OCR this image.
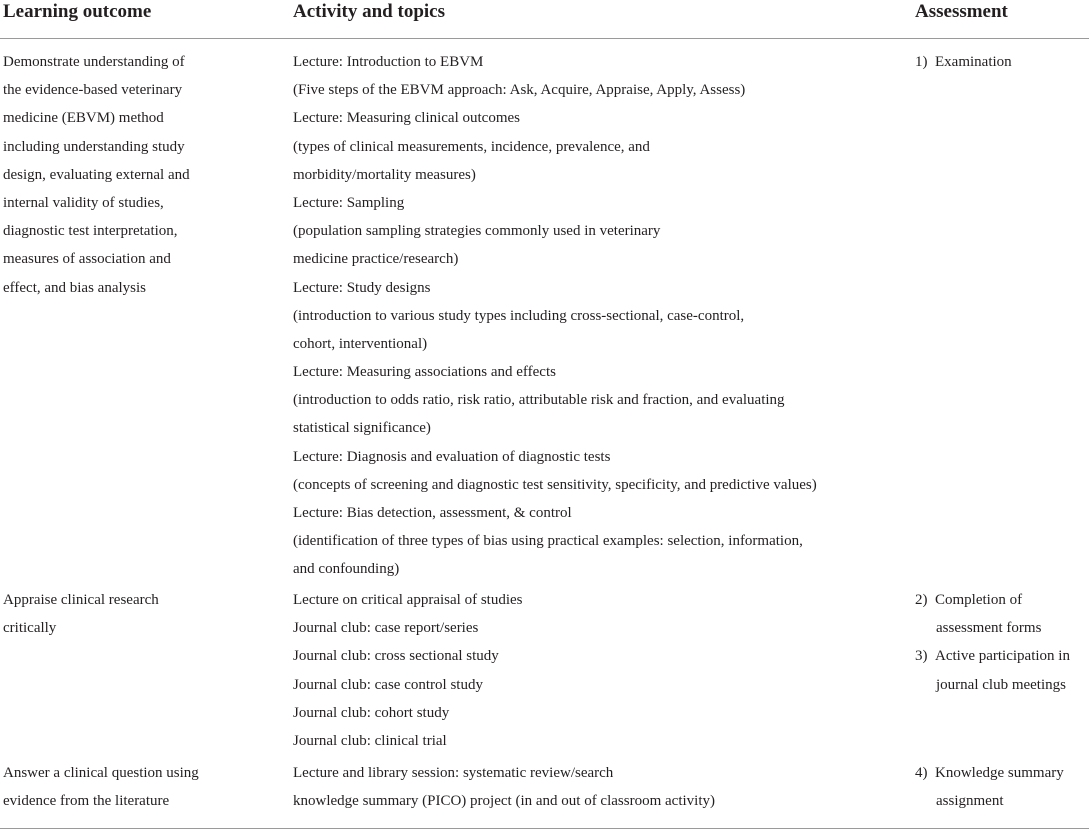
Learning outcome	Activity and topics	Assessment
Demonstrate understanding of
the evidence-based veterinary
medicine (EBVM) method
including understanding study
design, evaluating external and
internal validity of studies,
diagnostic test interpretation,
measures of association and
effect, and bias analysis
Lecture: Introduction to EBVM
(Five steps of the EBVM approach: Ask, Acquire, Appraise, Apply, Assess)
Lecture: Measuring clinical outcomes
(types of clinical measurements, incidence, prevalence, and
morbidity/mortality measures)
Lecture: Sampling
(population sampling strategies commonly used in veterinary
medicine practice/research)
Lecture: Study designs
(introduction to various study types including cross-sectional, case-control,
cohort, interventional)
Lecture: Measuring associations and effects
(introduction to odds ratio, risk ratio, attributable risk and fraction, and evaluating
statistical significance)
Lecture: Diagnosis and evaluation of diagnostic tests
(concepts of screening and diagnostic test sensitivity, specificity, and predictive values)
Lecture: Bias detection, assessment, & control
(identification of three types of bias using practical examples: selection, information,
and confounding)
1) Examination
Appraise clinical research
critically
Lecture on critical appraisal of studies
Journal club: case report/series
Journal club: cross sectional study
Journal club: case control study
Journal club: cohort study
Journal club: clinical trial
2) Completion of
assessment forms
3) Active participation in
journal club meetings
Answer a clinical question using
evidence from the literature
Lecture and library session: systematic review/search
knowledge summary (PICO) project (in and out of classroom activity)
4) Knowledge summary
assignment
